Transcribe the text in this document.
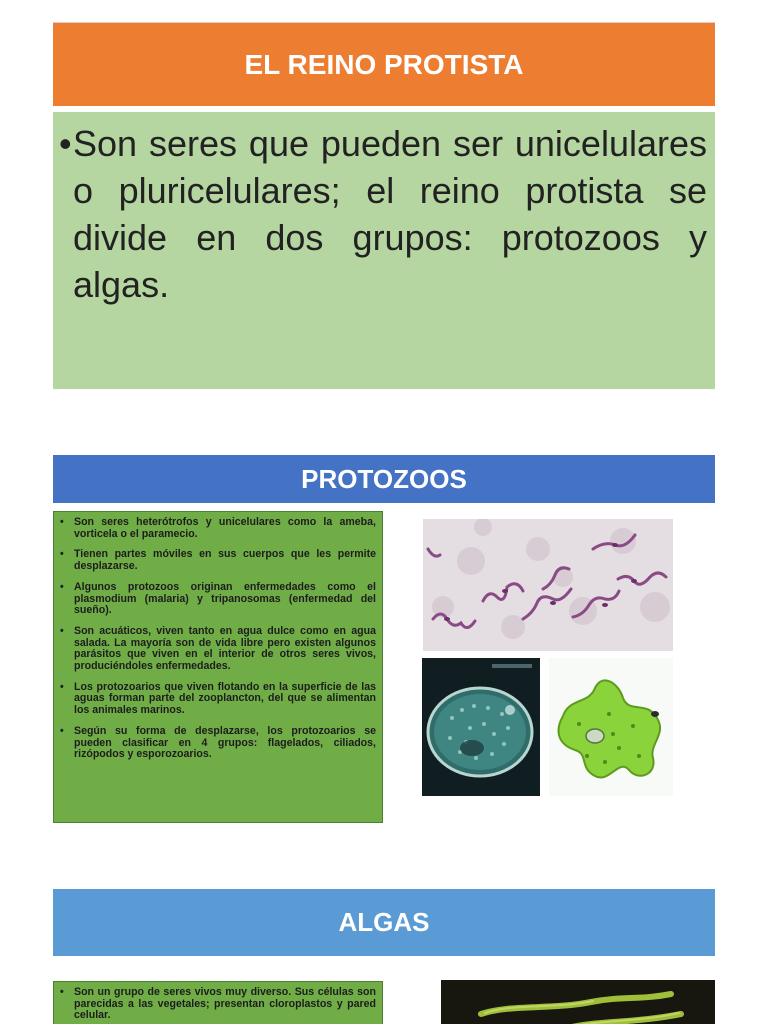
EL REINO PROTISTA

•Son seres que pueden ser unicelulares o pluricelulares; el reino protista se divide en dos grupos: protozoos y algas.

PROTOZOOS
• Son seres heterótrofos y unicelulares como la ameba, vorticela o el paramecio.
• Tienen partes móviles en sus cuerpos que les permite desplazarse.
• Algunos protozoos originan enfermedades como el plasmodium (malaria) y tripanosomas (enfermedad del sueño).
• Son acuáticos, viven tanto en agua dulce como en agua salada. La mayoría son de vida libre pero existen algunos parásitos que viven en el interior de otros seres vivos, produciéndoles enfermedades.
• Los protozoarios que viven flotando en la superficie de las aguas forman parte del zooplancton, del que se alimentan los animales marinos.
• Según su forma de desplazarse, los protozoarios se pueden clasificar en 4 grupos: flagelados, ciliados, rizópodos y esporozoarios.
ALGAS
• Son un grupo de seres vivos muy diverso. Sus células son parecidas a las vegetales; presentan cloroplastos y pared celular.
